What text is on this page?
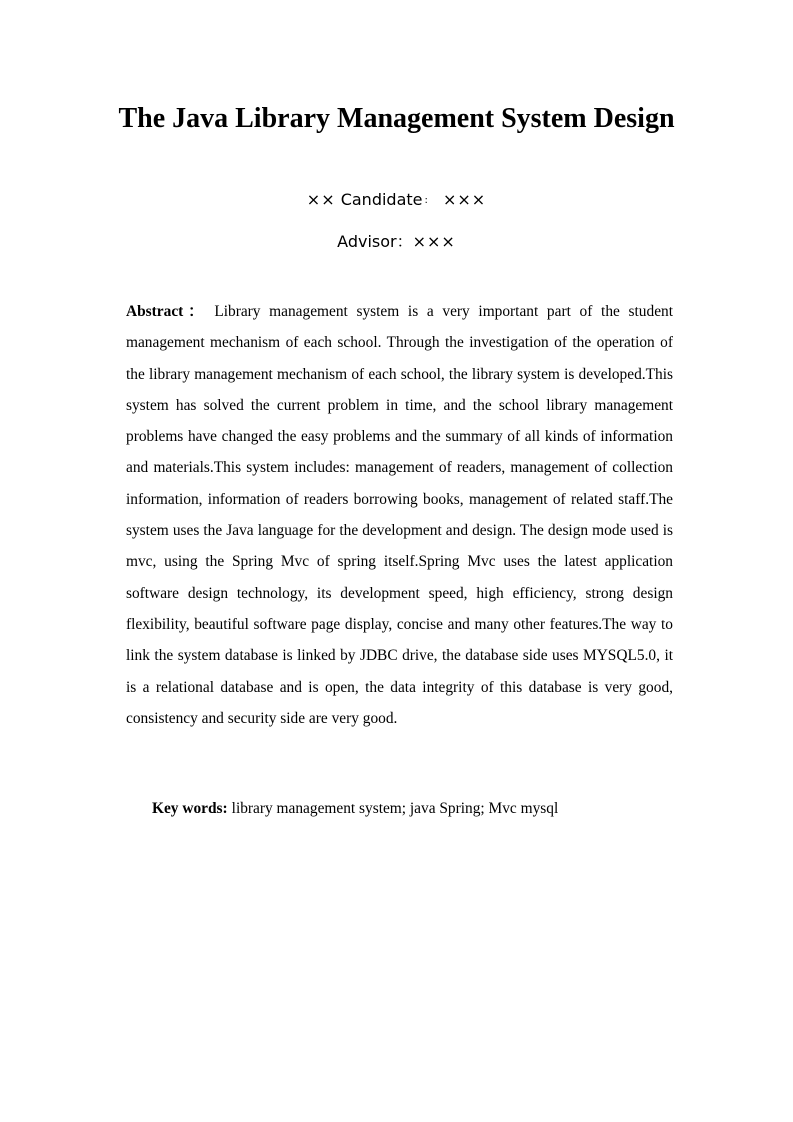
The Java Library Management System Design
×× Candidate : ×××
Advisor：×××

Abstract： Library management system is a very important part of the student management mechanism of each school. Through the investigation of the operation of the library management mechanism of each school, the library system is developed.This system has solved the current problem in time, and the school library management problems have changed the easy problems and the summary of all kinds of information and materials.This system includes: management of readers, management of collection information, information of readers borrowing books, management of related staff.The system uses the Java language for the development and design. The design mode used is mvc, using the Spring Mvc of spring itself.Spring Mvc uses the latest application software design technology, its development speed, high efficiency, strong design flexibility, beautiful software page display, concise and many other features.The way to link the system database is linked by JDBC drive, the database side uses MYSQL5.0, it is a relational database and is open, the data integrity of this database is very good, consistency and security side are very good.

Key words: library management system; java Spring; Mvc mysql
